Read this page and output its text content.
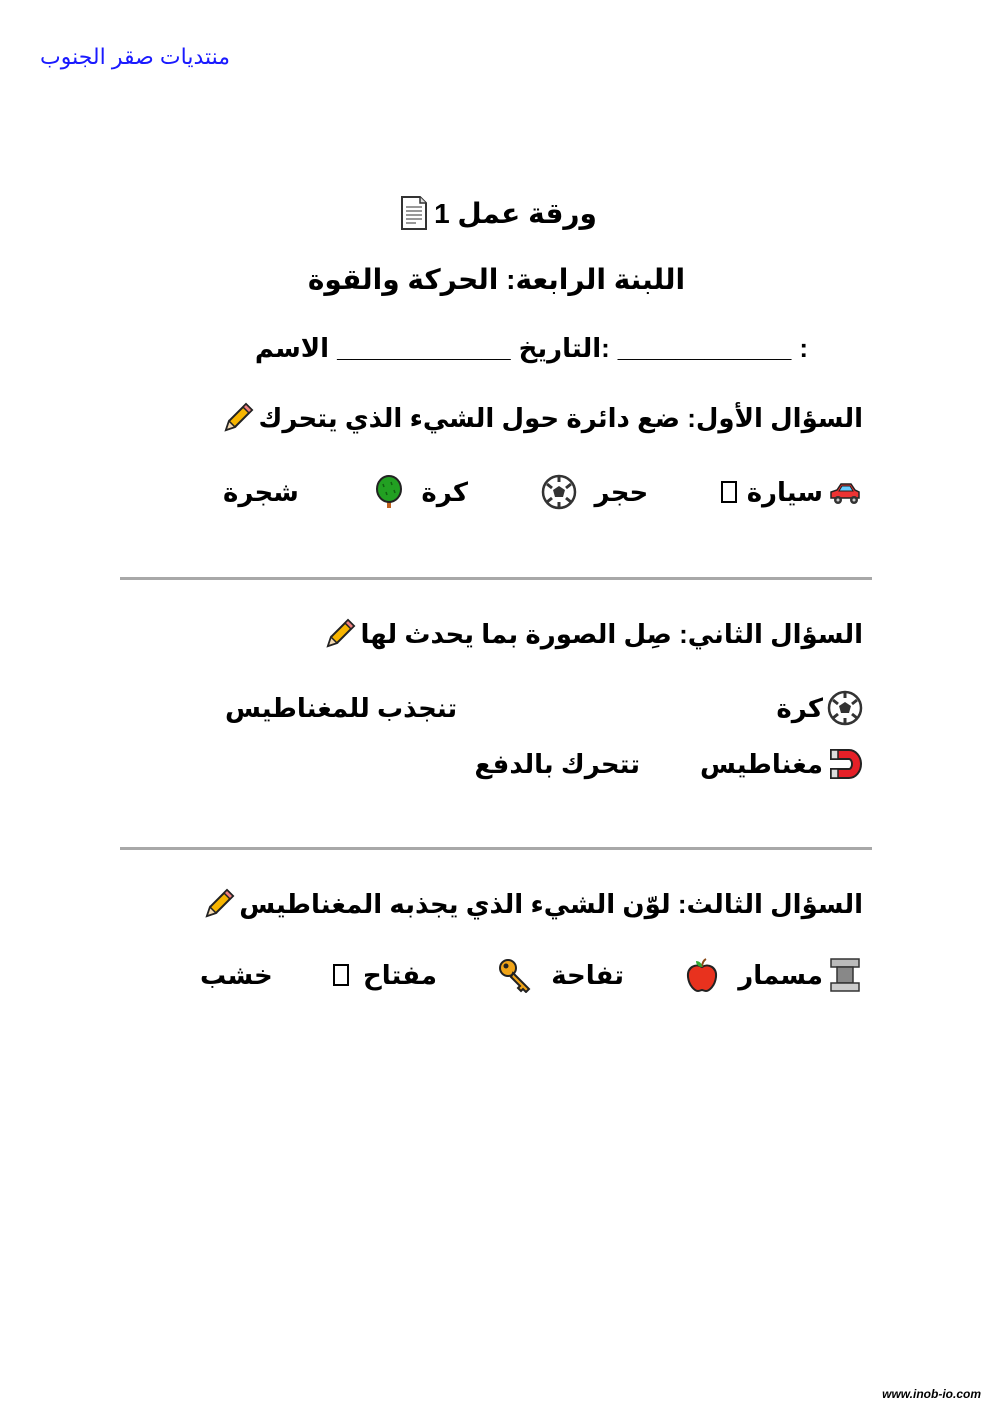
منتديات صقر الجنوب
ورقة عمل 1
اللبنة الرابعة: الحركة والقوة
الاسم ____________ :التاريخ ____________ :
السؤال الأول: ضع دائرة حول الشيء الذي يتحرك
سيارة
حجر
كرة
شجرة
السؤال الثاني: صِل الصورة بما يحدث لها
كرة
تنجذب للمغناطيس
مغناطيس
تتحرك بالدفع
السؤال الثالث: لوّن الشيء الذي يجذبه المغناطيس
مسمار
تفاحة
مفتاح
خشب
www.inob-io.com
